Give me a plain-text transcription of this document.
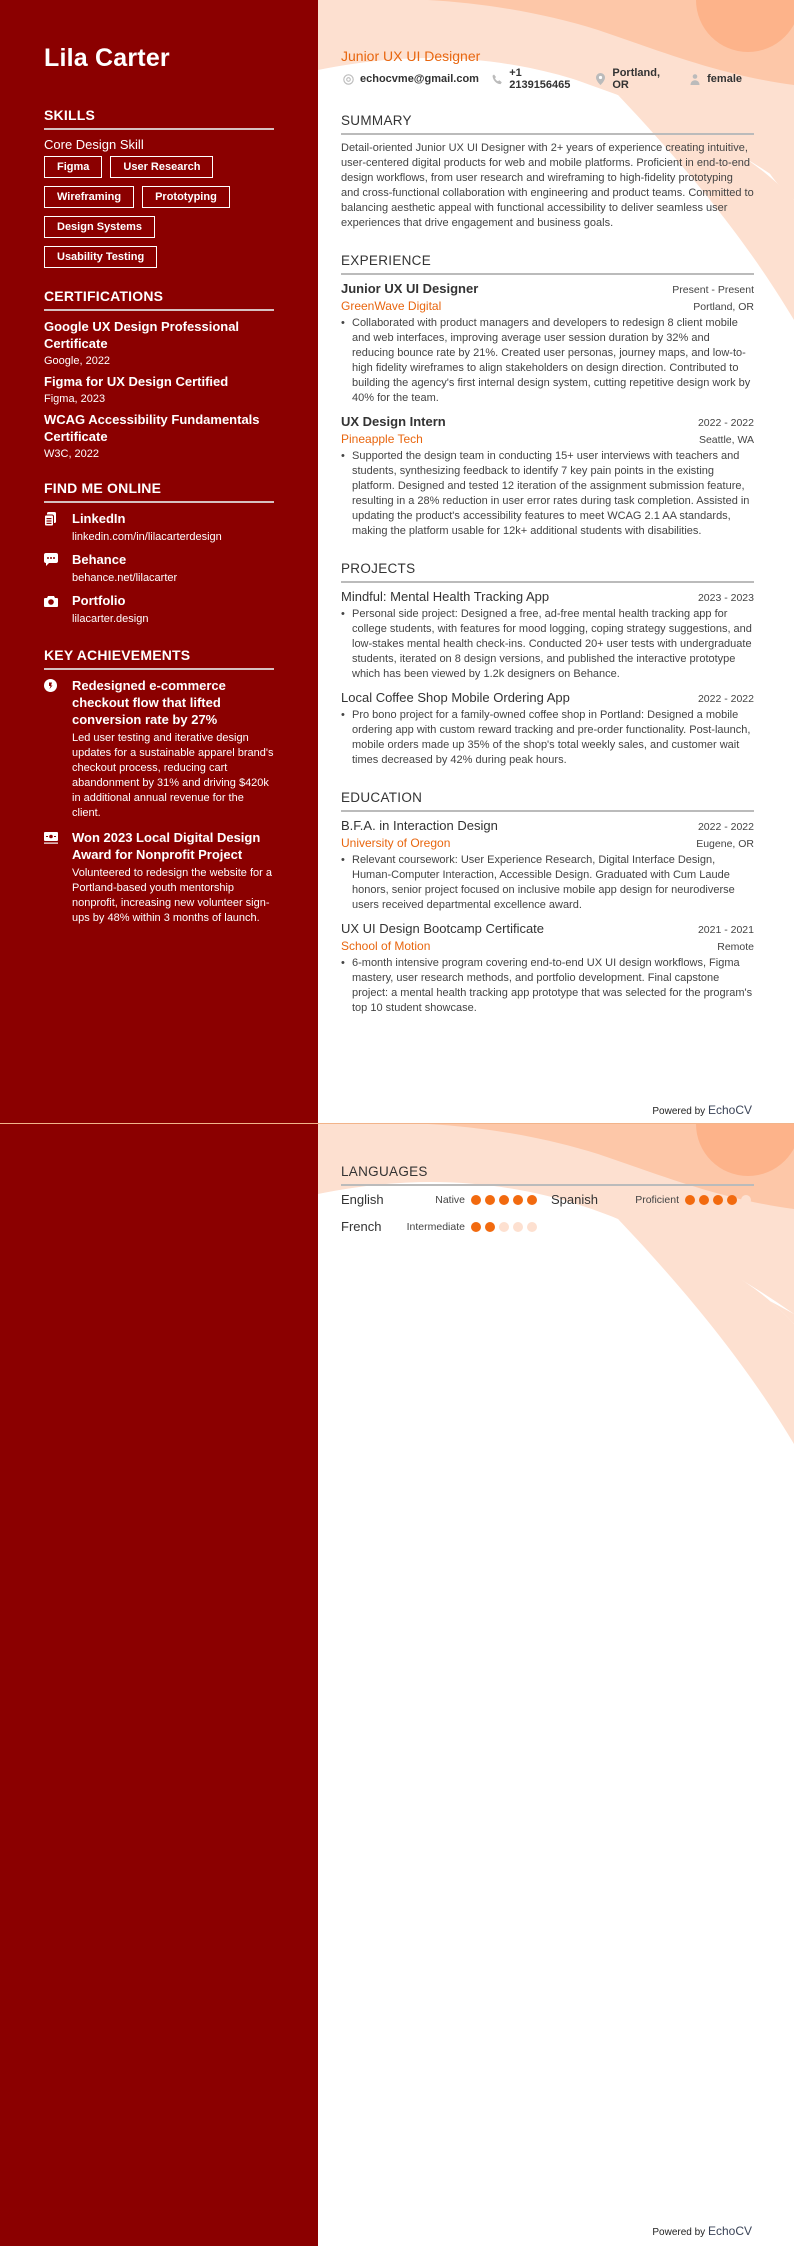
Lila Carter
SKILLS
Core Design Skill
Figma	User Research
Wireframing	Prototyping
Design Systems
Usability Testing
CERTIFICATIONS
Google UX Design Professional Certificate
Google, 2022
Figma for UX Design Certified
Figma, 2023
WCAG Accessibility Fundamentals Certificate
W3C, 2022
FIND ME ONLINE
LinkedIn
linkedin.com/in/lilacarterdesign
Behance
behance.net/lilacarter
Portfolio
lilacarter.design
KEY ACHIEVEMENTS
Redesigned e-commerce checkout flow that lifted conversion rate by 27%
Led user testing and iterative design updates for a sustainable apparel brand's checkout process, reducing cart abandonment by 31% and driving $420k in additional annual revenue for the client.
Won 2023 Local Digital Design Award for Nonprofit Project
Volunteered to redesign the website for a Portland-based youth mentorship nonprofit, increasing new volunteer sign-ups by 48% within 3 months of launch.
Junior UX UI Designer
echocvme@gmail.com	+1 2139156465
Portland, OR	female
SUMMARY

Detail-oriented Junior UX UI Designer with 2+ years of experience creating intuitive, user-centered digital products for web and mobile platforms. Proficient in end-to-end design workflows, from user research and wireframing to high-fidelity prototyping and cross-functional collaboration with engineering and product teams. Committed to balancing aesthetic appeal with functional accessibility to deliver seamless user experiences that drive engagement and business goals.

EXPERIENCE
Junior UX UI Designer	Present - Present
GreenWave Digital	Portland, OR
• Collaborated with product managers and developers to redesign 8 client mobile and web interfaces, improving average user session duration by 32% and reducing bounce rate by 21%. Created user personas, journey maps, and low-to-high fidelity wireframes to align stakeholders on design direction. Contributed to building the agency's first internal design system, cutting repetitive design work by 40% for the team.
UX Design Intern	2022 - 2022
Pineapple Tech	Seattle, WA
• Supported the design team in conducting 15+ user interviews with teachers and students, synthesizing feedback to identify 7 key pain points in the existing platform. Designed and tested 12 iteration of the assignment submission feature, resulting in a 28% reduction in user error rates during task completion. Assisted in updating the product's accessibility features to meet WCAG 2.1 AA standards, making the platform usable for 12k+ additional students with disabilities.
PROJECTS
Mindful: Mental Health Tracking App	2023 - 2023
• Personal side project: Designed a free, ad-free mental health tracking app for college students, with features for mood logging, coping strategy suggestions, and low-stakes mental health check-ins. Conducted 20+ user tests with undergraduate students, iterated on 8 design versions, and published the interactive prototype which has been viewed by 1.2k designers on Behance.
Local Coffee Shop Mobile Ordering App	2022 - 2022
• Pro bono project for a family-owned coffee shop in Portland: Designed a mobile ordering app with custom reward tracking and pre-order functionality. Post-launch, mobile orders made up 35% of the shop's total weekly sales, and customer wait times decreased by 42% during peak hours.
EDUCATION
B.F.A. in Interaction Design	2022 - 2022
University of Oregon	Eugene, OR
• Relevant coursework: User Experience Research, Digital Interface Design, Human-Computer Interaction, Accessible Design. Graduated with Cum Laude honors, senior project focused on inclusive mobile app design for neurodiverse users received departmental excellence award.
UX UI Design Bootcamp Certificate	2021 - 2021
School of Motion	Remote
• 6-month intensive program covering end-to-end UX UI design workflows, Figma mastery, user research methods, and portfolio development. Final capstone project: a mental health tracking app prototype that was selected for the program's top 10 student showcase.
Powered by EchoCV
LANGUAGES
English	Native	Spanish	Proficient
French	Intermediate
Powered by EchoCV
